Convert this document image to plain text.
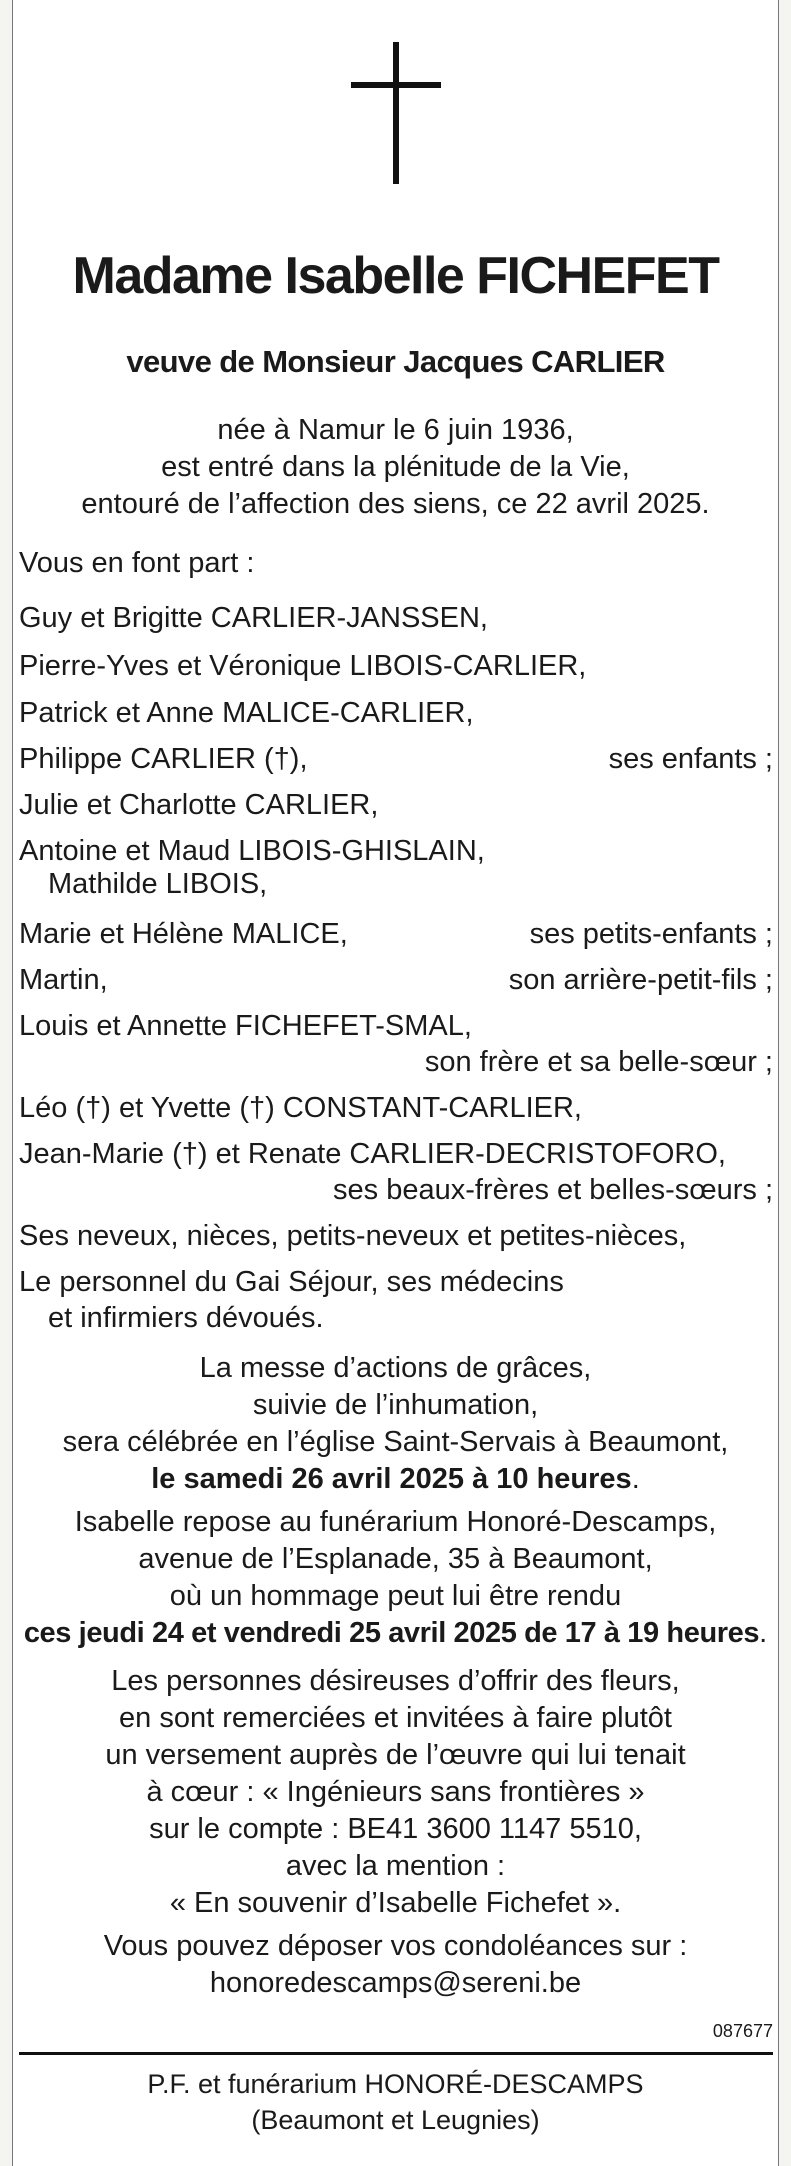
Madame Isabelle FICHEFET
veuve de Monsieur Jacques CARLIER
née à Namur le 6 juin 1936,
est entré dans la plénitude de la Vie,
entouré de l’affection des siens, ce 22 avril 2025.
Vous en font part :
Guy et Brigitte CARLIER-JANSSEN,
Pierre-Yves et Véronique LIBOIS-CARLIER,
Patrick et Anne MALICE-CARLIER,
Philippe CARLIER (†),	ses enfants ;
Julie et Charlotte CARLIER,
Antoine et Maud LIBOIS-GHISLAIN,
Mathilde LIBOIS,
Marie et Hélène MALICE,	ses petits-enfants ;
Martin,	son arrière-petit-fils ;
Louis et Annette FICHEFET-SMAL,
son frère et sa belle-sœur ;
Léo (†) et Yvette (†) CONSTANT-CARLIER,
Jean-Marie (†) et Renate CARLIER-DECRISTOFORO,
ses beaux-frères et belles-sœurs ;
Ses neveux, nièces, petits-neveux et petites-nièces,
Le personnel du Gai Séjour, ses médecins
et infirmiers dévoués.
La messe d’actions de grâces,
suivie de l’inhumation,
sera célébrée en l’église Saint-Servais à Beaumont,
le samedi 26 avril 2025 à 10 heures.
Isabelle repose au funérarium Honoré-Descamps,
avenue de l’Esplanade, 35 à Beaumont,
où un hommage peut lui être rendu
ces jeudi 24 et vendredi 25 avril 2025 de 17 à 19 heures.
Les personnes désireuses d’offrir des fleurs,
en sont remerciées et invitées à faire plutôt
un versement auprès de l’œuvre qui lui tenait
à cœur : « Ingénieurs sans frontières »
sur le compte : BE41 3600 1147 5510,
avec la mention :
« En souvenir d’Isabelle Fichefet ».
Vous pouvez déposer vos condoléances sur :
honoredescamps@sereni.be
087677
P.F. et funérarium HONORÉ-DESCAMPS
(Beaumont et Leugnies)
